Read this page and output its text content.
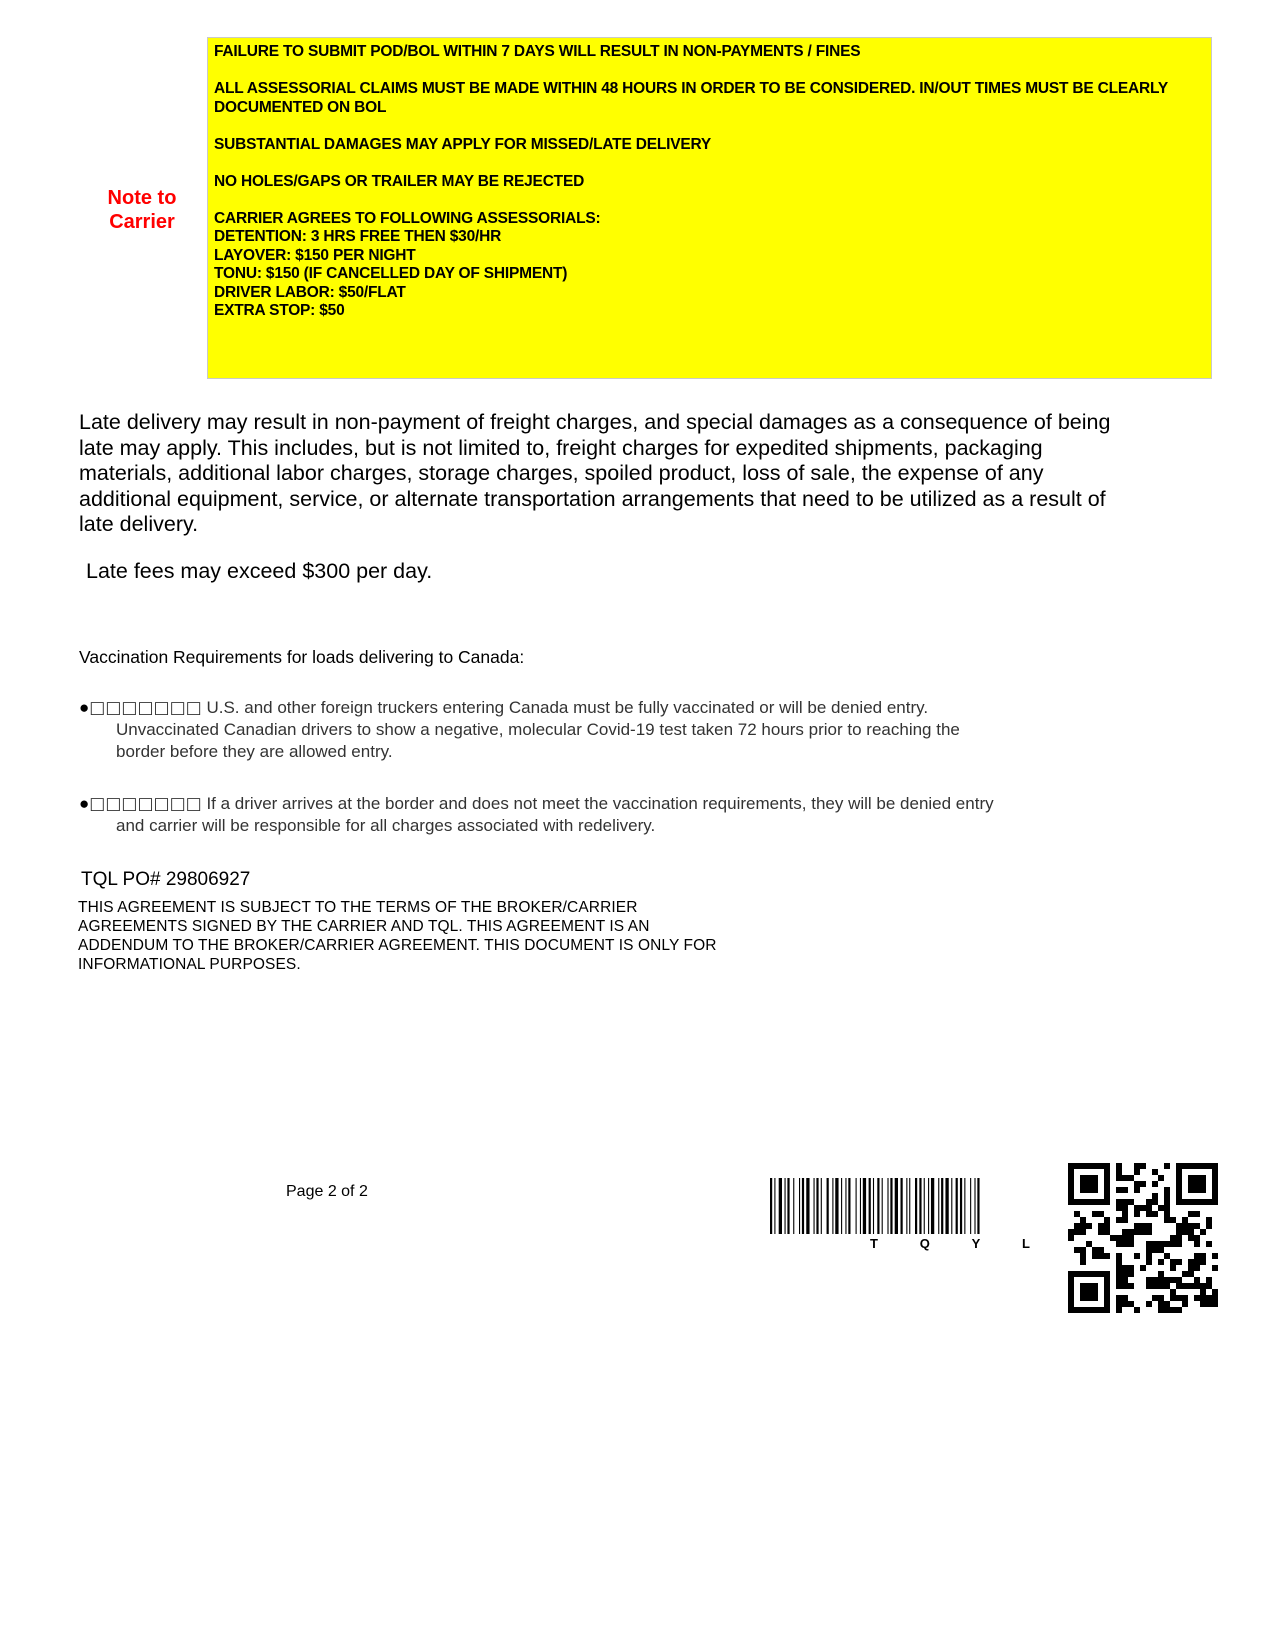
Note to
Carrier

FAILURE TO SUBMIT POD/BOL WITHIN 7 DAYS WILL RESULT IN NON-PAYMENTS / FINES

ALL ASSESSORIAL CLAIMS MUST BE MADE WITHIN 48 HOURS IN ORDER TO BE CONSIDERED. IN/OUT TIMES MUST BE CLEARLY DOCUMENTED ON BOL

SUBSTANTIAL DAMAGES MAY APPLY FOR MISSED/LATE DELIVERY

NO HOLES/GAPS OR TRAILER MAY BE REJECTED

CARRIER AGREES TO FOLLOWING ASSESSORIALS:
DETENTION: 3 HRS FREE THEN $30/HR
LAYOVER: $150 PER NIGHT
TONU: $150 (IF CANCELLED DAY OF SHIPMENT)
DRIVER LABOR: $50/FLAT
EXTRA STOP: $50

Late delivery may result in non-payment of freight charges, and special damages as a consequence of being late may apply. This includes, but is not limited to, freight charges for expedited shipments, packaging materials, additional labor charges, storage charges, spoiled product, loss of sale, the expense of any additional equipment, service, or alternate transportation arrangements that need to be utilized as a result of late delivery.

Late fees may exceed $300 per day.

Vaccination Requirements for loads delivering to Canada:

●□□□□□□□ U.S. and other foreign truckers entering Canada must be fully vaccinated or will be denied entry.
Unvaccinated Canadian drivers to show a negative, molecular Covid-19 test taken 72 hours prior to reaching the
border before they are allowed entry.
●□□□□□□□ If a driver arrives at the border and does not meet the vaccination requirements, they will be denied entry
and carrier will be responsible for all charges associated with redelivery.

TQL PO# 29806927

THIS AGREEMENT IS SUBJECT TO THE TERMS OF THE BROKER/CARRIER
AGREEMENTS SIGNED BY THE CARRIER AND TQL. THIS AGREEMENT IS AN
ADDENDUM TO THE BROKER/CARRIER AGREEMENT. THIS DOCUMENT IS ONLY FOR
INFORMATIONAL PURPOSES.

Page 2 of 2

T	Q	Y	L
